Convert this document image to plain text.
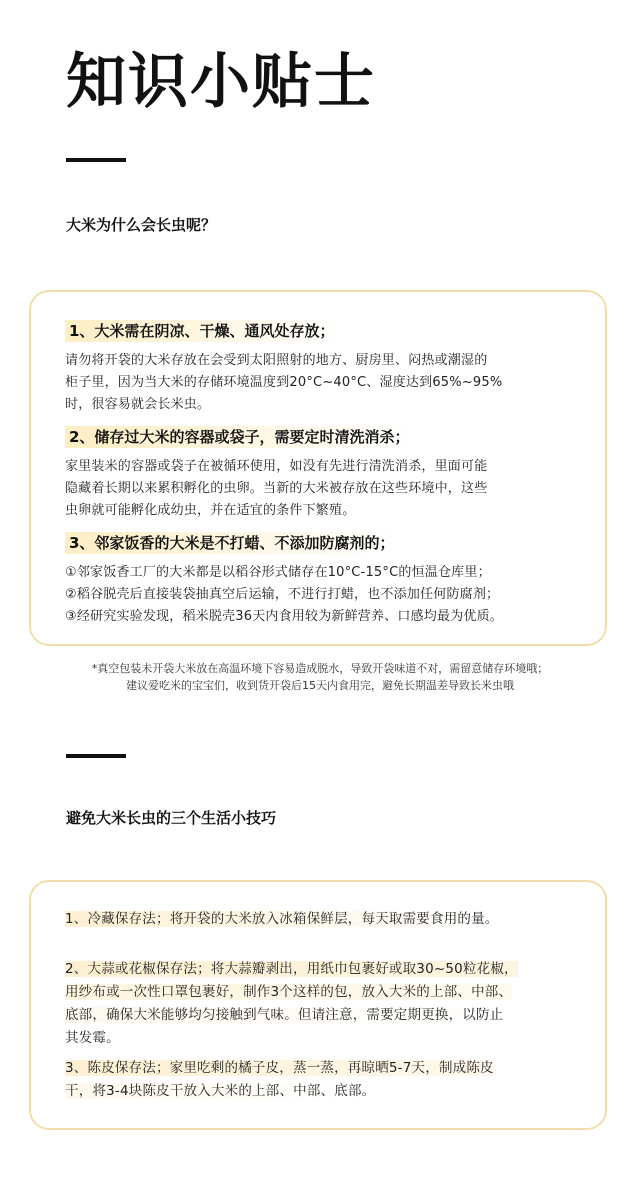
知识小贴士
大米为什么会长虫呢？
1、大米需在阴凉、干燥、通风处存放；

请勿将开袋的大米存放在会受到太阳照射的地方、厨房里、闷热或潮湿的
柜子里，因为当大米的存储环境温度到20°C~40°C、湿度达到65%~95%
时，很容易就会长米虫。

2、储存过大米的容器或袋子，需要定时清洗消杀；

家里装米的容器或袋子在被循环使用，如没有先进行清洗消杀，里面可能
隐藏着长期以来累积孵化的虫卵。当新的大米被存放在这些环境中，这些
虫卵就可能孵化成幼虫，并在适宜的条件下繁殖。

3、邻家饭香的大米是不打蜡、不添加防腐剂的；

①邻家饭香工厂的大米都是以稻谷形式储存在10°C-15°C的恒温仓库里；
②稻谷脱壳后直接装袋抽真空后运输，不进行打蜡，也不添加任何防腐剂；
③经研究实验发现，稻米脱壳36天内食用较为新鲜营养、口感均最为优质。

*真空包装未开袋大米放在高温环境下容易造成脱水，导致开袋味道不对，需留意储存环境哦；
建议爱吃米的宝宝们，收到货开袋后15天内食用完，避免长期温差导致长米虫哦

避免大米长虫的三个生活小技巧

1、冷藏保存法；将开袋的大米放入冰箱保鲜层，每天取需要食用的量。

2、大蒜或花椒保存法；将大蒜瓣剥出，用纸巾包裹好或取30~50粒花椒，
用纱布或一次性口罩包裹好，制作3个这样的包，放入大米的上部、中部、
底部，确保大米能够均匀接触到气味。但请注意，需要定期更换，以防止
其发霉。

3、陈皮保存法；家里吃剩的橘子皮，蒸一蒸，再晾晒5-7天，制成陈皮
干，将3-4块陈皮干放入大米的上部、中部、底部。
